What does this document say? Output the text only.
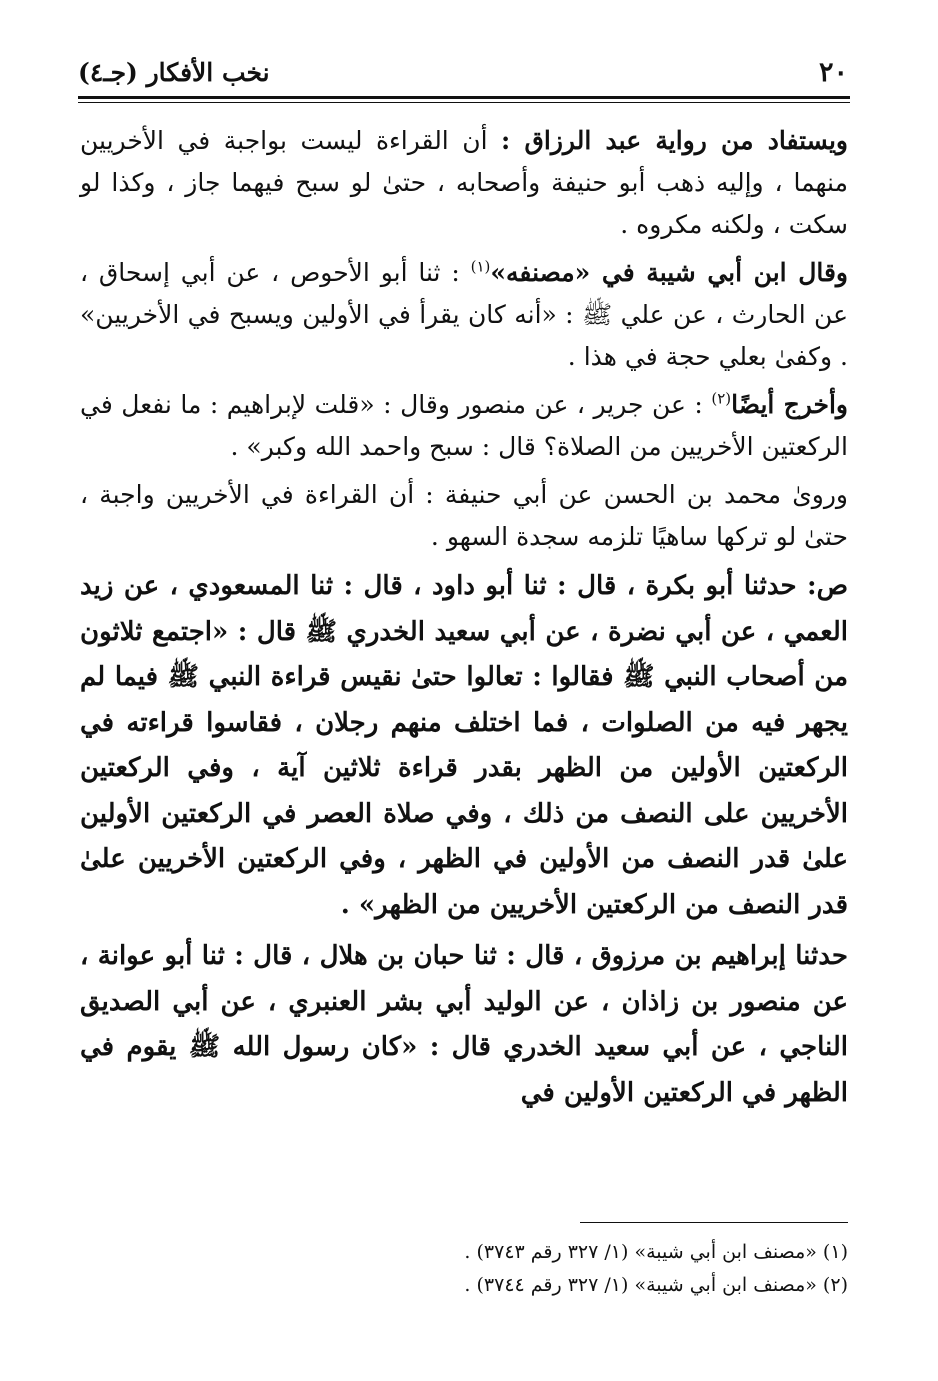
نخب الأفكار (جـ٤)	٢٠

ويستفاد من رواية عبد الرزاق : أن القراءة ليست بواجبة في الأخريين منهما ، وإليه ذهب أبو حنيفة وأصحابه ، حتىٰ لو سبح فيهما جاز ، وكذا لو سكت ، ولكنه مكروه .

وقال ابن أبي شيبة في «مصنفه»$^{(١)}$ : ثنا أبو الأحوص ، عن أبي إسحاق ، عن الحارث ، عن علي ﷺ : «أنه كان يقرأ في الأولين ويسبح في الأخريين» . وكفىٰ بعلي حجة في هذا .

وأخرج أيضًا$^{(٢)}$ : عن جرير ، عن منصور وقال : «قلت لإبراهيم : ما نفعل في الركعتين الأخريين من الصلاة؟ قال : سبح واحمد الله وكبر» .

وروىٰ محمد بن الحسن عن أبي حنيفة : أن القراءة في الأخريين واجبة ، حتىٰ لو تركها ساهيًا تلزمه سجدة السهو .

ص: حدثنا أبو بكرة ، قال : ثنا أبو داود ، قال : ثنا المسعودي ، عن زيد العمي ، عن أبي نضرة ، عن أبي سعيد الخدري ﷺ قال : «اجتمع ثلاثون من أصحاب النبي ﷺ فقالوا : تعالوا حتىٰ نقيس قراءة النبي ﷺ فيما لم يجهر فيه من الصلوات ، فما اختلف منهم رجلان ، فقاسوا قراءته في الركعتين الأولين من الظهر بقدر قراءة ثلاثين آية ، وفي الركعتين الأخريين على النصف من ذلك ، وفي صلاة العصر في الركعتين الأولين علىٰ قدر النصف من الأولين في الظهر ، وفي الركعتين الأخريين علىٰ قدر النصف من الركعتين الأخريين من الظهر» .

حدثنا إبراهيم بن مرزوق ، قال : ثنا حبان بن هلال ، قال : ثنا أبو عوانة ، عن منصور بن زاذان ، عن الوليد أبي بشر العنبري ، عن أبي الصديق الناجي ، عن أبي سعيد الخدري قال : «كان رسول الله ﷺ يقوم في الظهر في الركعتين الأولين في

(١) «مصنف ابن أبي شيبة» (١/ ٣٢٧ رقم ٣٧٤٣) .

(٢) «مصنف ابن أبي شيبة» (١/ ٣٢٧ رقم ٣٧٤٤) .
